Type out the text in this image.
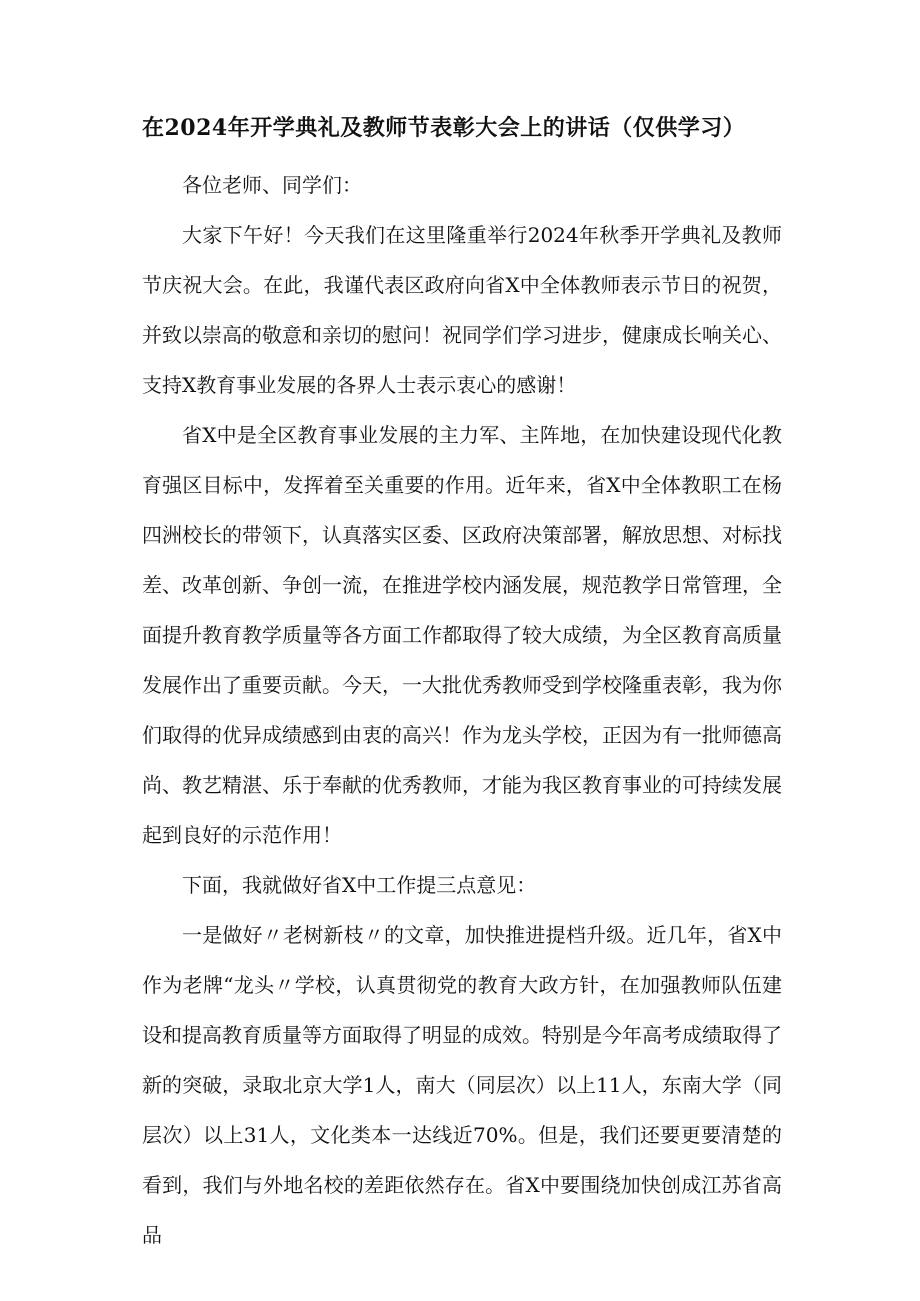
在2024年开学典礼及教师节表彰大会上的讲话（仅供学习）

各位老师、同学们：

大家下午好！今天我们在这里隆重举行2024年秋季开学典礼及教师节庆祝大会。在此，我谨代表区政府向省X中全体教师表示节日的祝贺，并致以崇高的敬意和亲切的慰问！祝同学们学习进步，健康成长响关心、支持X教育事业发展的各界人士表示衷心的感谢！

省X中是全区教育事业发展的主力军、主阵地，在加快建设现代化教育强区目标中，发挥着至关重要的作用。近年来，省X中全体教职工在杨四洲校长的带领下，认真落实区委、区政府决策部署，解放思想、对标找差、改革创新、争创一流，在推进学校内涵发展，规范教学日常管理，全面提升教育教学质量等各方面工作都取得了较大成绩，为全区教育高质量发展作出了重要贡献。今天，一大批优秀教师受到学校隆重表彰，我为你们取得的优异成绩感到由衷的高兴！作为龙头学校，正因为有一批师德高尚、教艺精湛、乐于奉献的优秀教师，才能为我区教育事业的可持续发展起到良好的示范作用！

下面，我就做好省X中工作提三点意见：

一是做好〃老树新枝〃的文章，加快推进提档升级。近几年，省X中作为老牌“龙头〃学校，认真贯彻党的教育大政方针，在加强教师队伍建设和提高教育质量等方面取得了明显的成效。特别是今年高考成绩取得了新的突破，录取北京大学1人，南大（同层次）以上11人，东南大学（同层次）以上31人，文化类本一达线近70%。但是，我们还要更要清楚的看到，我们与外地名校的差距依然存在。省X中要围绕加快创成江苏省高品
